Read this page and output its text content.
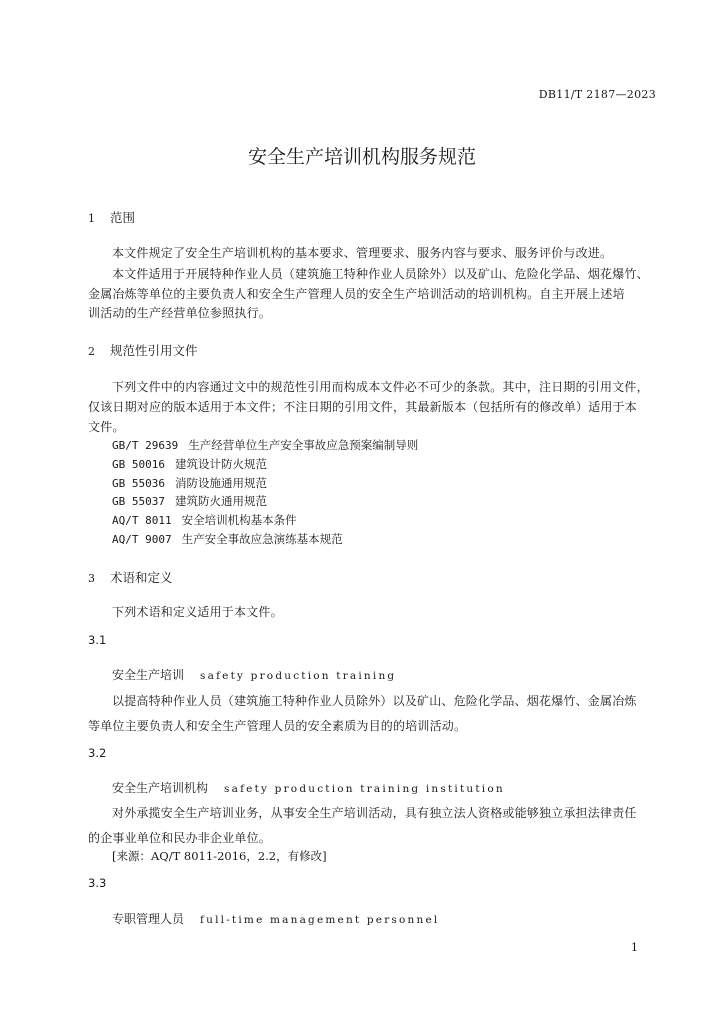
DB11/T 2187—2023
安全生产培训机构服务规范
1 范围
本文件规定了安全生产培训机构的基本要求、管理要求、服务内容与要求、服务评价与改进。
本文件适用于开展特种作业人员（建筑施工特种作业人员除外）以及矿山、危险化学品、烟花爆竹、
金属冶炼等单位的主要负责人和安全生产管理人员的安全生产培训活动的培训机构。自主开展上述培
训活动的生产经营单位参照执行。
2 规范性引用文件
下列文件中的内容通过文中的规范性引用而构成本文件必不可少的条款。其中，注日期的引用文件，
仅该日期对应的版本适用于本文件；不注日期的引用文件，其最新版本（包括所有的修改单）适用于本
文件。
GB/T 29639 生产经营单位生产安全事故应急预案编制导则
GB 50016 建筑设计防火规范
GB 55036 消防设施通用规范
GB 55037 建筑防火通用规范
AQ/T 8011 安全培训机构基本条件
AQ/T 9007 生产安全事故应急演练基本规范
3 术语和定义
下列术语和定义适用于本文件。
3.1
安全生产培训 safety production training
以提高特种作业人员（建筑施工特种作业人员除外）以及矿山、危险化学品、烟花爆竹、金属冶炼
等单位主要负责人和安全生产管理人员的安全素质为目的的培训活动。
3.2
安全生产培训机构 safety production training institution
对外承揽安全生产培训业务，从事安全生产培训活动，具有独立法人资格或能够独立承担法律责任
的企事业单位和民办非企业单位。
[来源：AQ/T 8011-2016，2.2，有修改]
3.3
专职管理人员 full-time management personnel
1
